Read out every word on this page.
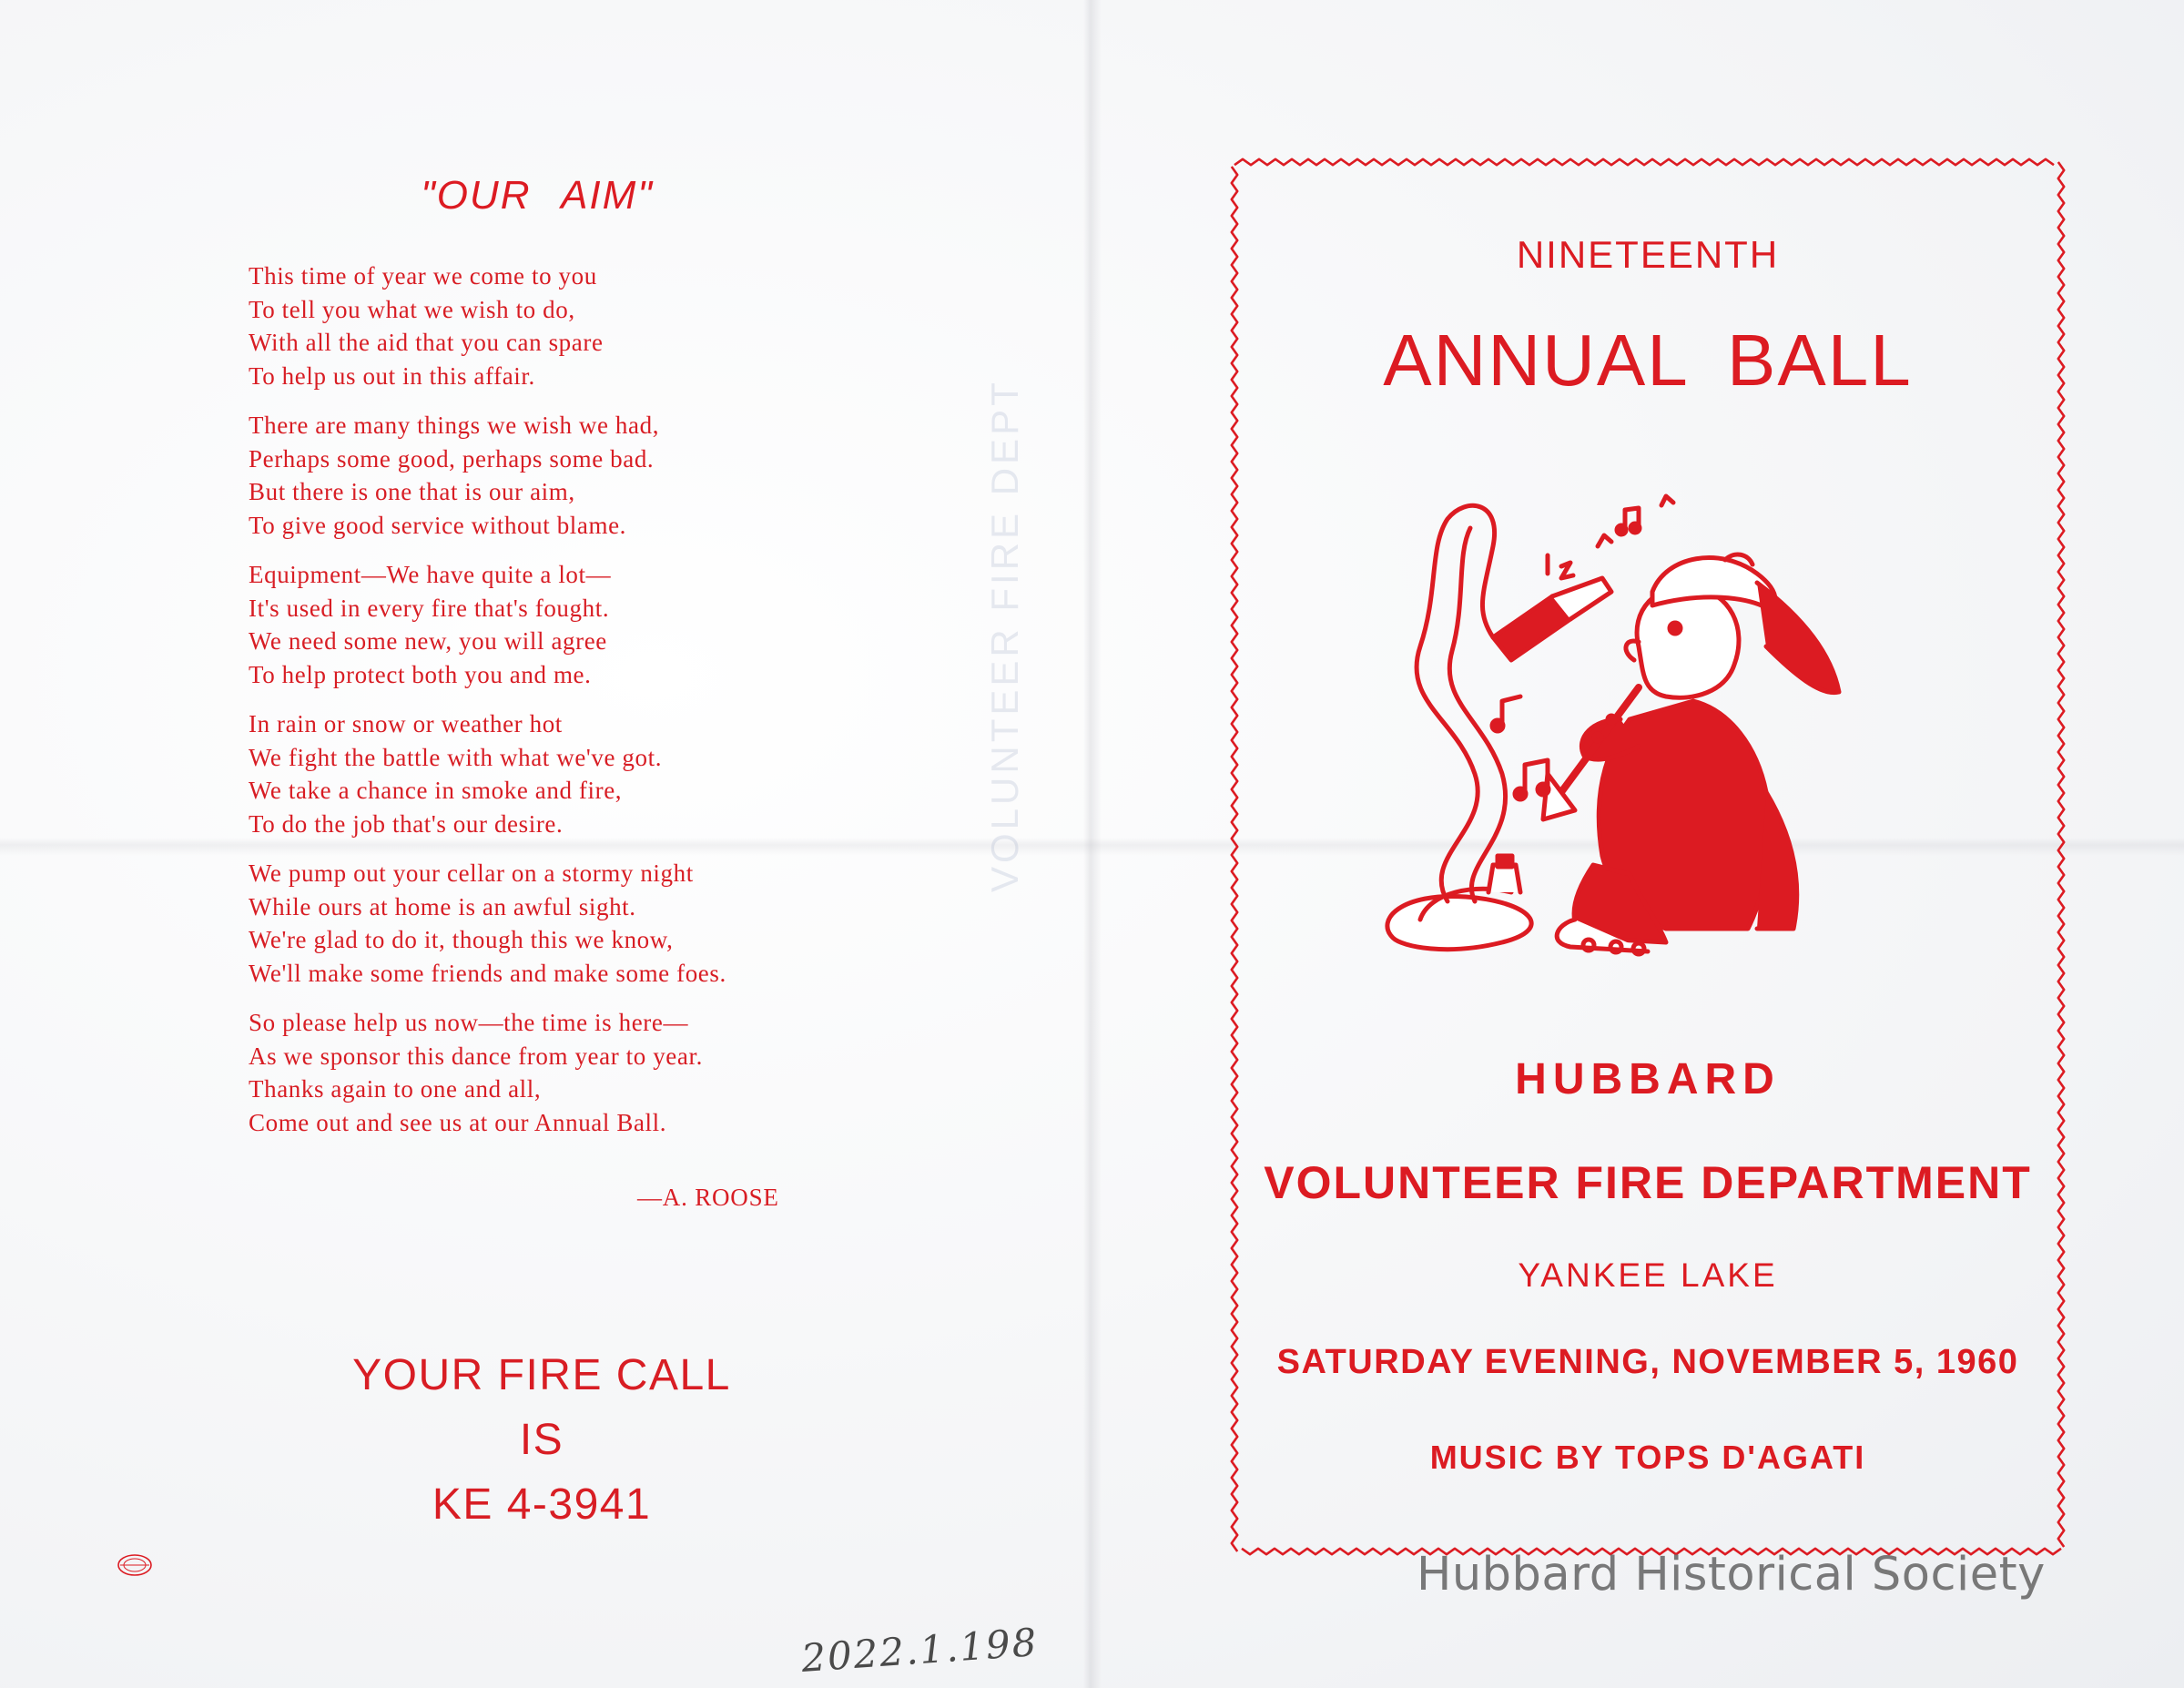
VOLUNTEER FIRE DEPT
"OUR AIM"
This time of year we come to you
To tell you what we wish to do,
With all the aid that you can spare
To help us out in this affair.
There are many things we wish we had,
Perhaps some good, perhaps some bad.
But there is one that is our aim,
To give good service without blame.
Equipment—We have quite a lot—
It's used in every fire that's fought.
We need some new, you will agree
To help protect both you and me.
In rain or snow or weather hot
We fight the battle with what we've got.
We take a chance in smoke and fire,
To do the job that's our desire.
We pump out your cellar on a stormy night
While ours at home is an awful sight.
We're glad to do it, though this we know,
We'll make some friends and make some foes.
So please help us now—the time is here—
As we sponsor this dance from year to year.
Thanks again to one and all,
Come out and see us at our Annual Ball.
—A. ROOSE
YOUR FIRE CALL
IS
KE 4-3941
2022.1.198
NINETEENTH
ANNUAL BALL
HUBBARD
VOLUNTEER FIRE DEPARTMENT
YANKEE LAKE
SATURDAY EVENING, NOVEMBER 5, 1960
MUSIC BY TOPS D'AGATI
Hubbard Historical Society
